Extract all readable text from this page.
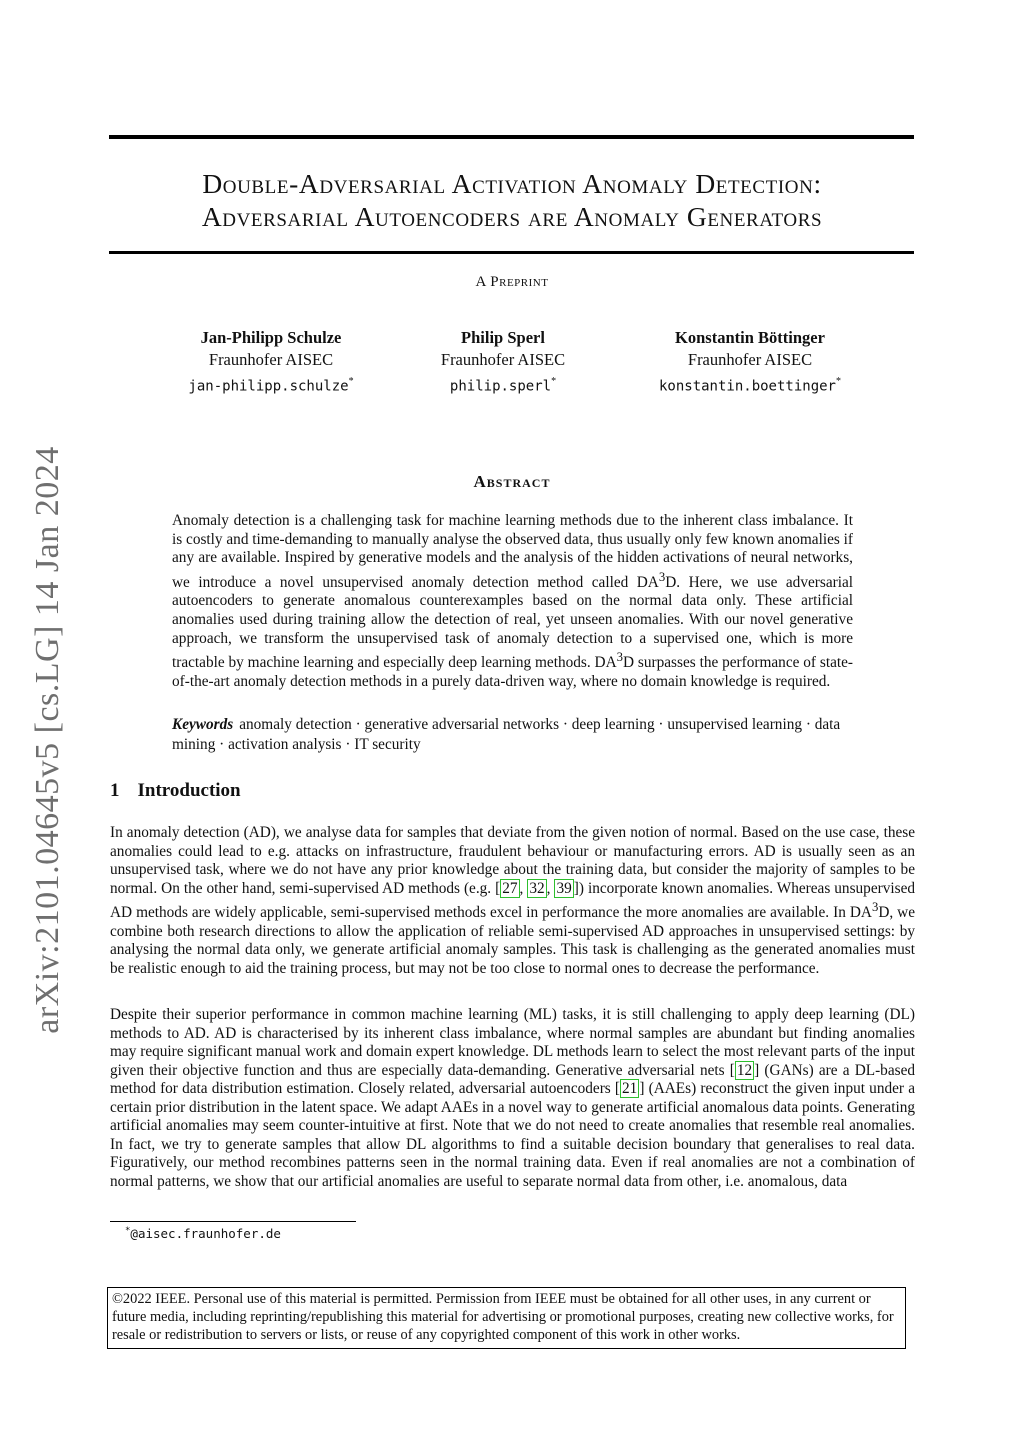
Double-Adversarial Activation Anomaly Detection:
Adversarial Autoencoders are Anomaly Generators
A Preprint
Jan-Philipp Schulze
Fraunhofer AISEC
jan-philipp.schulze*
Philip Sperl
Fraunhofer AISEC
philip.sperl*
Konstantin Böttinger
Fraunhofer AISEC
konstantin.boettinger*
arXiv:2101.04645v5 [cs.LG] 14 Jan 2024	Abstract

Anomaly detection is a challenging task for machine learning methods due to the inherent class imbalance. It is costly and time-demanding to manually analyse the observed data, thus usually only few known anomalies if any are available. Inspired by generative models and the analysis of the hidden activations of neural networks, we introduce a novel unsupervised anomaly detection method called $DA^3D$. Here, we use adversarial autoencoders to generate anomalous counterexamples based on the normal data only. These artificial anomalies used during training allow the detection of real, yet unseen anomalies. With our novel generative approach, we transform the unsupervised task of anomaly detection to a supervised one, which is more tractable by machine learning and especially deep learning methods. $DA^3D$ surpasses the performance of state-of-the-art anomaly detection methods in a purely data-driven way, where no domain knowledge is required.

Keywords anomaly detection · generative adversarial networks · deep learning · unsupervised learning · data mining · activation analysis · IT security

1 Introduction

In anomaly detection (AD), we analyse data for samples that deviate from the given notion of normal. Based on the use case, these anomalies could lead to e.g. attacks on infrastructure, fraudulent behaviour or manufacturing errors. AD is usually seen as an unsupervised task, where we do not have any prior knowledge about the training data, but consider the majority of samples to be normal. On the other hand, semi-supervised AD methods (e.g. [ 27 , 32 , 39 ]) incorporate known anomalies. Whereas unsupervised AD methods are widely applicable, semi-supervised methods excel in performance the more anomalies are available. In $DA^3D$, we combine both research directions to allow the application of reliable semi-supervised AD approaches in unsupervised settings: by analysing the normal data only, we generate artificial anomaly samples. This task is challenging as the generated anomalies must be realistic enough to aid the training process, but may not be too close to normal ones to decrease the performance.

Despite their superior performance in common machine learning (ML) tasks, it is still challenging to apply deep learning (DL) methods to AD. AD is characterised by its inherent class imbalance, where normal samples are abundant but finding anomalies may require significant manual work and domain expert knowledge. DL methods learn to select the most relevant parts of the input given their objective function and thus are especially data-demanding. Generative adversarial nets [ 12 ] (GANs) are a DL-based method for data distribution estimation. Closely related, adversarial autoencoders [ 21 ] (AAEs) reconstruct the given input under a certain prior distribution in the latent space. We adapt AAEs in a novel way to generate artificial anomalous data points. Generating artificial anomalies may seem counter-intuitive at first. Note that we do not need to create anomalies that resemble real anomalies. In fact, we try to generate samples that allow DL algorithms to find a suitable decision boundary that generalises to real data. Figuratively, our method recombines patterns seen in the normal training data. Even if real anomalies are not a combination of normal patterns, we show that our artificial anomalies are useful to separate normal data from other, i.e. anomalous, data

*@aisec.fraunhofer.de
©2022 IEEE. Personal use of this material is permitted. Permission from IEEE must be obtained for all other uses, in any current or future media, including reprinting/republishing this material for advertising or promotional purposes, creating new collective works, for resale or redistribution to servers or lists, or reuse of any copyrighted component of this work in other works.
